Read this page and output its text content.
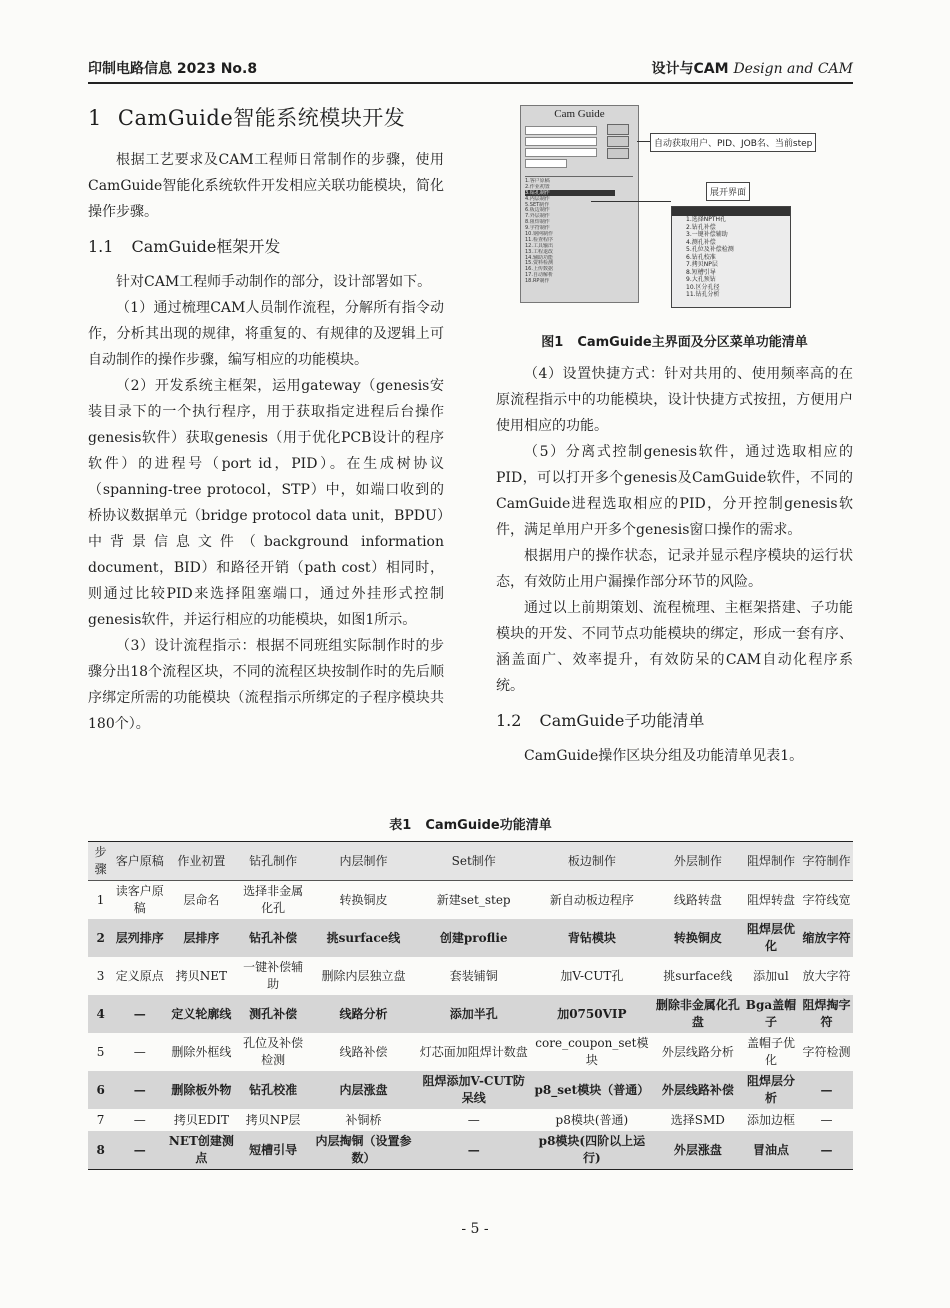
印制电路信息 2023 No.8	设计与CAM Design and CAM
1 CamGuide智能系统模块开发

根据工艺要求及CAM工程师日常制作的步骤，使用CamGuide智能化系统软件开发相应关联功能模块，简化操作步骤。

1.1 CamGuide框架开发

针对CAM工程师手动制作的部分，设计部署如下。

（1）通过梳理CAM人员制作流程，分解所有指令动作，分析其出现的规律，将重复的、有规律的及逻辑上可自动制作的操作步骤，编写相应的功能模块。

（2）开发系统主框架，运用gateway（genesis安装目录下的一个执行程序，用于获取指定进程后台操作genesis软件）获取genesis（用于优化PCB设计的程序软件）的进程号（port id，PID）。在生成树协议（spanning-tree protocol，STP）中，如端口收到的桥协议数据单元（bridge protocol data unit，BPDU）中背景信息文件（background information document，BID）和路径开销（path cost）相同时，则通过比较PID来选择阻塞端口，通过外挂形式控制genesis软件，并运行相应的功能模块，如图1所示。

（3）设计流程指示：根据不同班组实际制作时的步骤分出18个流程区块，不同的流程区块按制作时的先后顺序绑定所需的功能模块（流程指示所绑定的子程序模块共180个）。

Cam Guide
1.客户原稿
2.作业初置
3.钻孔制作
4.内层制作
5.SET制作
6.板边制作
7.外层制作
8.阻焊制作
9.字符制作
10.钢网制作
11.检查程序
12.工具输出
13.工程退改
14.辅助功能
15.资料检测
16.上传数据
17.自动解析
18.RP制作
自动获取用户、PID、JOB名、当前step
展开界面
1.选择NPTH孔
2.钻孔补偿
3.一键补偿辅助
4.测孔补偿
5.孔位及补偿检测
6.钻孔校准
7.拷贝NP层
8.短槽引导
9.大孔预钻
10.区分孔径
11.钻孔分析
图1 CamGuide主界面及分区菜单功能清单

（4）设置快捷方式：针对共用的、使用频率高的在原流程指示中的功能模块，设计快捷方式按扭，方便用户使用相应的功能。

（5）分离式控制genesis软件，通过选取相应的PID，可以打开多个genesis及CamGuide软件，不同的CamGuide进程选取相应的PID，分开控制genesis软件，满足单用户开多个genesis窗口操作的需求。

根据用户的操作状态，记录并显示程序模块的运行状态，有效防止用户漏操作部分环节的风险。

通过以上前期策划、流程梳理、主框架搭建、子功能模块的开发、不同节点功能模块的绑定，形成一套有序、涵盖面广、效率提升，有效防呆的CAM自动化程序系统。

1.2 CamGuide子功能清单

CamGuide操作区块分组及功能清单见表1。

表1 CamGuide功能清单
步骤	客户原稿	作业初置	钻孔制作	内层制作	Set制作	板边制作	外层制作	阻焊制作	字符制作
1	读客户原稿	层命名	选择非金属化孔	转换铜皮	新建set_step	新自动板边程序	线路转盘	阻焊转盘	字符线宽
2	层列排序	层排序	钻孔补偿	挑surface线	创建proflie	背钻模块	转换铜皮	阻焊层优化	缩放字符
3	定义原点	拷贝NET	一键补偿辅助	删除内层独立盘	套装铺铜	加V-CUT孔	挑surface线	添加ul	放大字符
4	—	定义轮廓线	测孔补偿	线路分析	添加半孔	加0750VIP	删除非金属化孔盘	Bga盖帽子	阻焊掏字符
5	—	删除外框线	孔位及补偿检测	线路补偿	灯芯面加阻焊计数盘	core_coupon_set模块	外层线路分析	盖帽子优化	字符检测
6	—	删除板外物	钻孔校准	内层涨盘	阻焊添加V-CUT防呆线	p8_set模块（普通）	外层线路补偿	阻焊层分析	—
7	—	拷贝EDIT	拷贝NP层	补铜桥	—	p8模块(普通)	选择SMD	添加边框	—
8	—	NET创建测点	短槽引导	内层掏铜（设置参数）	—	p8模块(四阶以上运行)	外层涨盘	冒油点	—
- 5 -
